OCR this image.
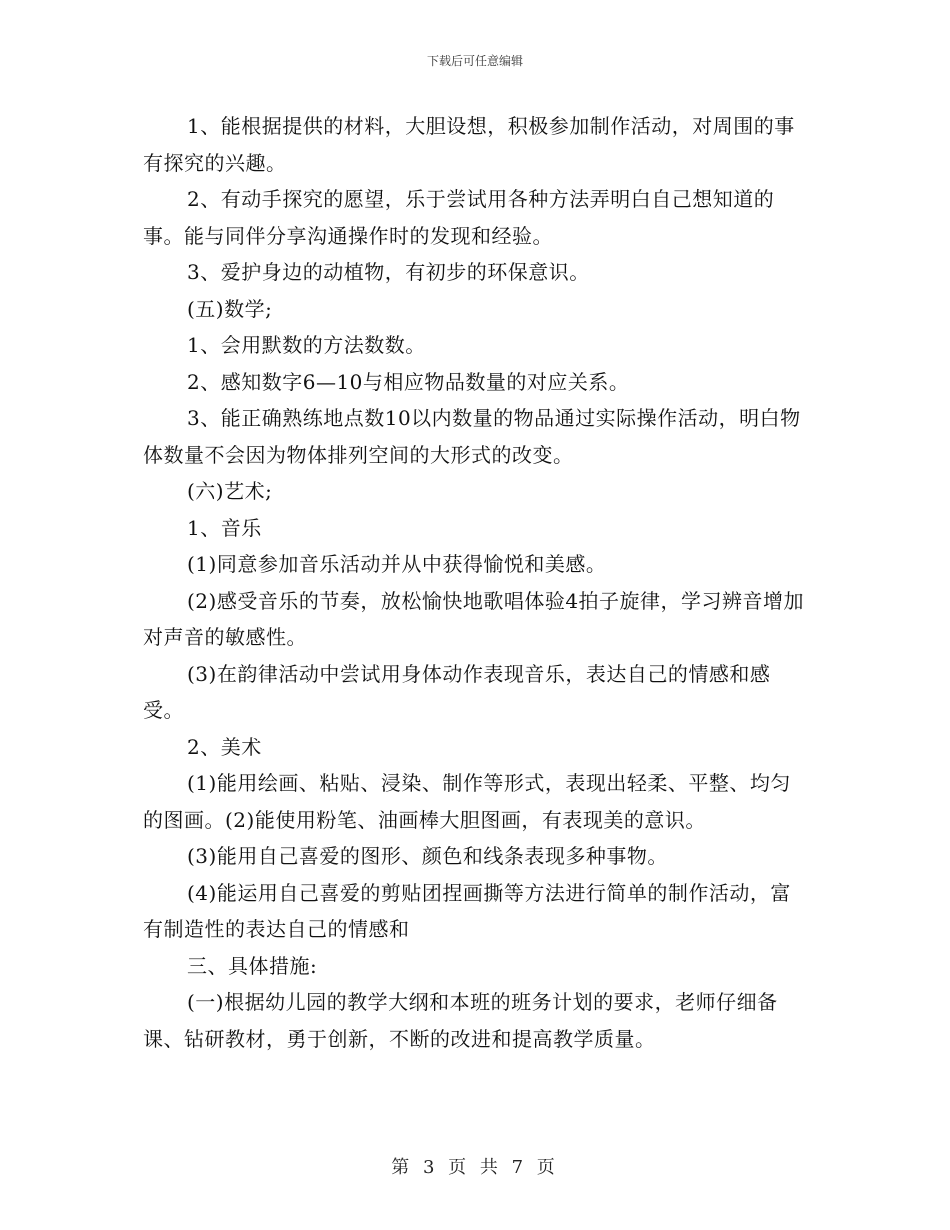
下载后可任意编辑

1、能根据提供的材料，大胆设想，积极参加制作活动，对周围的事有探究的兴趣。

2、有动手探究的愿望，乐于尝试用各种方法弄明白自己想知道的事。能与同伴分享沟通操作时的发现和经验。

3、爱护身边的动植物，有初步的环保意识。

(五)数学;

1、会用默数的方法数数。

2、感知数字6—10与相应物品数量的对应关系。

3、能正确熟练地点数10以内数量的物品通过实际操作活动，明白物体数量不会因为物体排列空间的大形式的改变。

(六)艺术;

1、音乐

(1)同意参加音乐活动并从中获得愉悦和美感。

(2)感受音乐的节奏，放松愉快地歌唱体验4拍子旋律，学习辨音增加对声音的敏感性。

(3)在韵律活动中尝试用身体动作表现音乐，表达自己的情感和感受。

2、美术

(1)能用绘画、粘贴、浸染、制作等形式，表现出轻柔、平整、均匀的图画。(2)能使用粉笔、油画棒大胆图画，有表现美的意识。

(3)能用自己喜爱的图形、颜色和线条表现多种事物。

(4)能运用自己喜爱的剪贴团捏画撕等方法进行简单的制作活动，富有制造性的表达自己的情感和

三、具体措施:

(一)根据幼儿园的教学大纲和本班的班务计划的要求，老师仔细备课、钻研教材，勇于创新，不断的改进和提高教学质量。

第 3 页 共 7 页
